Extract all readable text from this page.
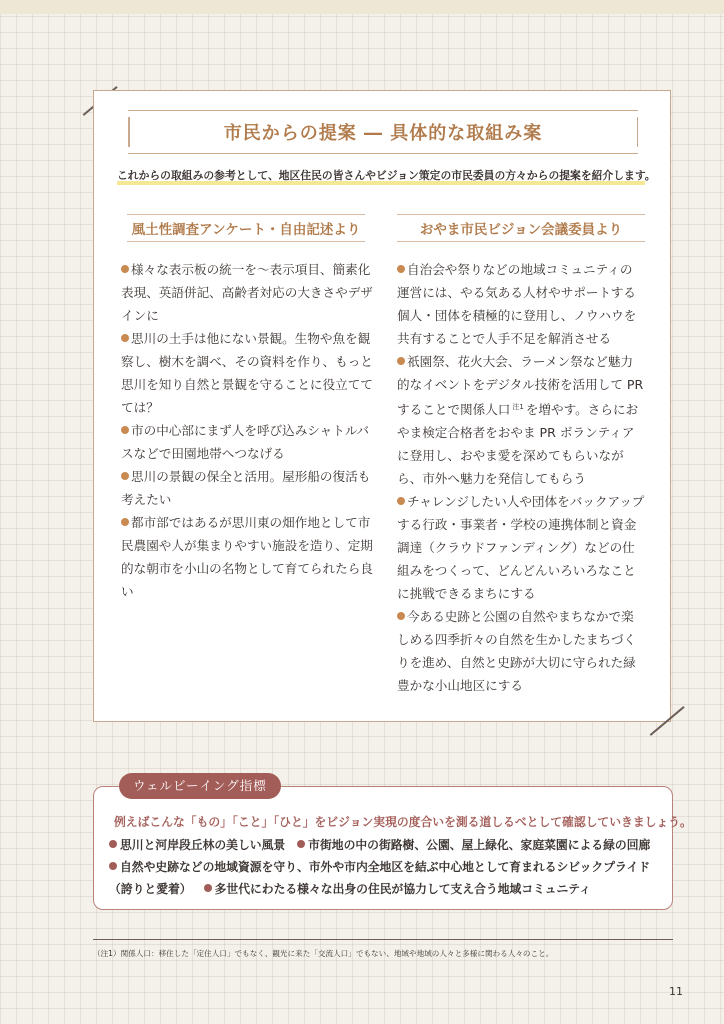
市民からの提案 ― 具体的な取組み案
これからの取組みの参考として、地区住民の皆さんやビジョン策定の市民委員の方々からの提案を紹介します。
風土性調査アンケート・自由記述より	おやま市民ビジョン会議委員より

様々な表示板の統一を〜表示項目、簡素化表現、英語併記、高齢者対応の大きさやデザインに

思川の土手は他にない景観。生物や魚を観察し、樹木を調べ、その資料を作り、もっと思川を知り自然と景観を守ることに役立ててては？

市の中心部にまず人を呼び込みシャトルバスなどで田園地帯へつなげる

思川の景観の保全と活用。屋形船の復活も考えたい

都市部ではあるが思川東の畑作地として市民農園や人が集まりやすい施設を造り、定期的な朝市を小山の名物として育てられたら良い

自治会や祭りなどの地域コミュニティの運営には、やる気ある人材やサポートする個人・団体を積極的に登用し、ノウハウを共有することで人手不足を解消させる

祇園祭、花火大会、ラーメン祭など魅力的なイベントをデジタル技術を活用して PR することで関係人口 $^{注1}$ を増やす。さらにおやま検定合格者をおやま PR ボランティアに登用し、おやま愛を深めてもらいながら、市外へ魅力を発信してもらう

チャレンジしたい人や団体をバックアップする行政・事業者・学校の連携体制と資金調達（クラウドファンディング）などの仕組みをつくって、どんどんいろいろなことに挑戦できるまちにする

今ある史跡と公園の自然やまちなかで楽しめる四季折々の自然を生かしたまちづくりを進め、自然と史跡が大切に守られた緑豊かな小山地区にする

ウェルビーイング指標
例えばこんな「もの」「こと」「ひと」をビジョン実現の度合いを測る道しるべとして確認していきましょう。
思川と河岸段丘林の美しい風景 市街地の中の街路樹、公園、屋上緑化、家庭菜園による緑の回廊
自然や史跡などの地域資源を守り、市外や市内全地区を結ぶ中心地として育まれるシビックプライド（誇りと愛着） 多世代にわたる様々な出身の住民が協力して支え合う地域コミュニティ
（注1）関係人口：移住した「定住人口」でもなく、観光に来た「交流人口」でもない、地域や地域の人々と多様に関わる人々のこと。
11
